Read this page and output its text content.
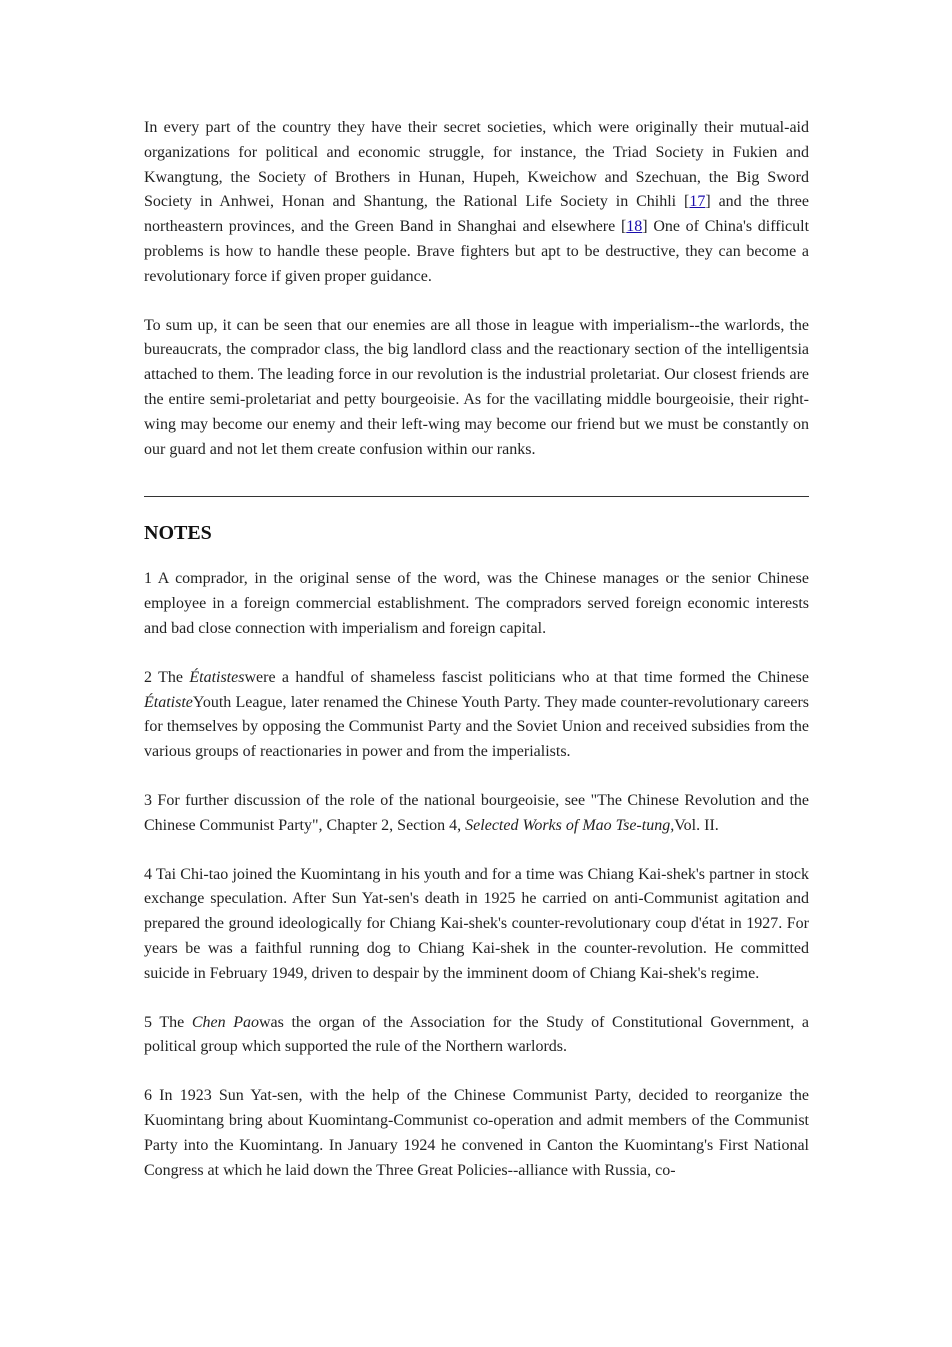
In every part of the country they have their secret societies, which were originally their mutual-aid organizations for political and economic struggle, for instance, the Triad Society in Fukien and Kwangtung, the Society of Brothers in Hunan, Hupeh, Kweichow and Szechuan, the Big Sword Society in Anhwei, Honan and Shantung, the Rational Life Society in Chihli [17] and the three northeastern provinces, and the Green Band in Shanghai and elsewhere [18] One of China's difficult problems is how to handle these people. Brave fighters but apt to be destructive, they can become a revolutionary force if given proper guidance.

To sum up, it can be seen that our enemies are all those in league with imperialism--the warlords, the bureaucrats, the comprador class, the big landlord class and the reactionary section of the intelligentsia attached to them. The leading force in our revolution is the industrial proletariat. Our closest friends are the entire semi-proletariat and petty bourgeoisie. As for the vacillating middle bourgeoisie, their right-wing may become our enemy and their left-wing may become our friend but we must be constantly on our guard and not let them create confusion within our ranks.

NOTES

1 A comprador, in the original sense of the word, was the Chinese manages or the senior Chinese employee in a foreign commercial establishment. The compradors served foreign economic interests and bad close connection with imperialism and foreign capital.

2 The Étatisteswere a handful of shameless fascist politicians who at that time formed the Chinese ÉtatisteYouth League, later renamed the Chinese Youth Party. They made counter-revolutionary careers for themselves by opposing the Communist Party and the Soviet Union and received subsidies from the various groups of reactionaries in power and from the imperialists.

3 For further discussion of the role of the national bourgeoisie, see "The Chinese Revolution and the Chinese Communist Party", Chapter 2, Section 4, Selected Works of Mao Tse-tung,Vol. II.

4 Tai Chi-tao joined the Kuomintang in his youth and for a time was Chiang Kai-shek's partner in stock exchange speculation. After Sun Yat-sen's death in 1925 he carried on anti-Communist agitation and prepared the ground ideologically for Chiang Kai-shek's counter-revolutionary coup d'état in 1927. For years be was a faithful running dog to Chiang Kai-shek in the counter-revolution. He committed suicide in February 1949, driven to despair by the imminent doom of Chiang Kai-shek's regime.

5 The Chen Paowas the organ of the Association for the Study of Constitutional Government, a political group which supported the rule of the Northern warlords.

6 In 1923 Sun Yat-sen, with the help of the Chinese Communist Party, decided to reorganize the Kuomintang bring about Kuomintang-Communist co-operation and admit members of the Communist Party into the Kuomintang. In January 1924 he convened in Canton the Kuomintang's First National Congress at which he laid down the Three Great Policies--alliance with Russia, co-
